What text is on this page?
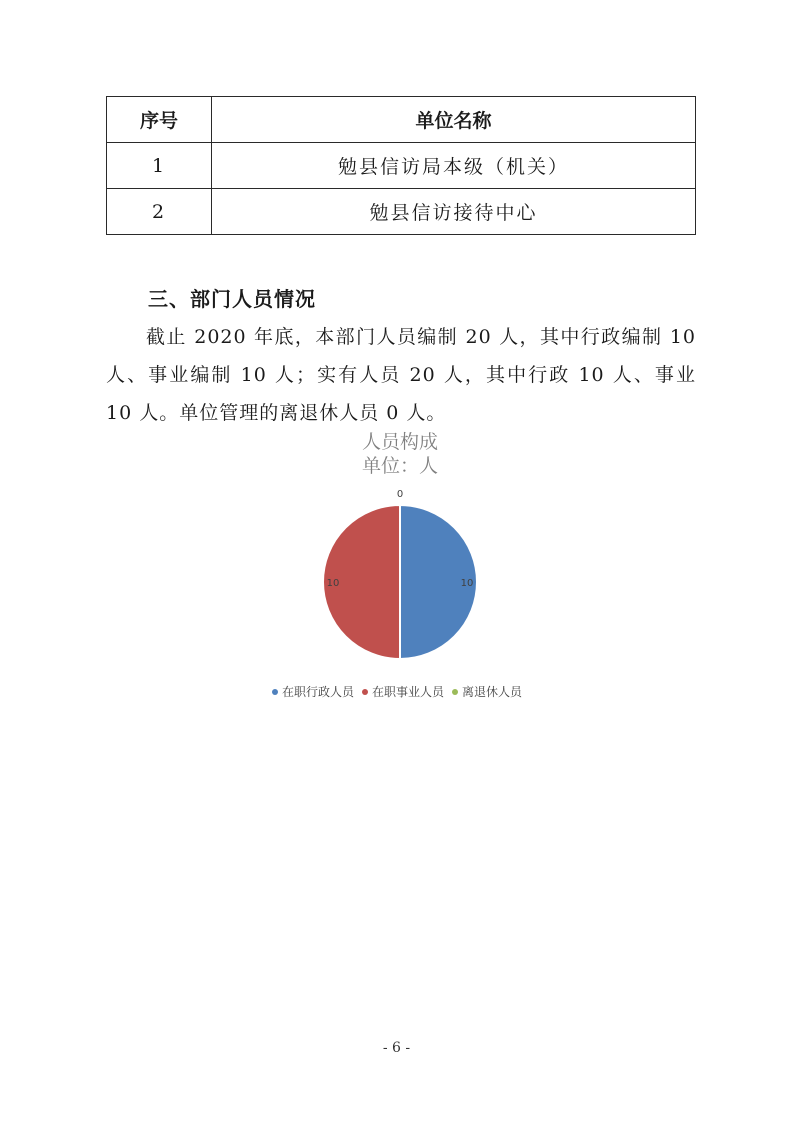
序号	单位名称
1	勉县信访局本级（机关）
2	勉县信访接待中心
三、部门人员情况

截止 2020 年底，本部门人员编制 20 人，其中行政编制 10 人、事业编制 10 人；实有人员 20 人，其中行政 10 人、事业 10 人。单位管理的离退休人员 0 人。

人员构成
单位：人
10
10
0
在职行政人员 在职事业人员 离退休人员
- 6 -
